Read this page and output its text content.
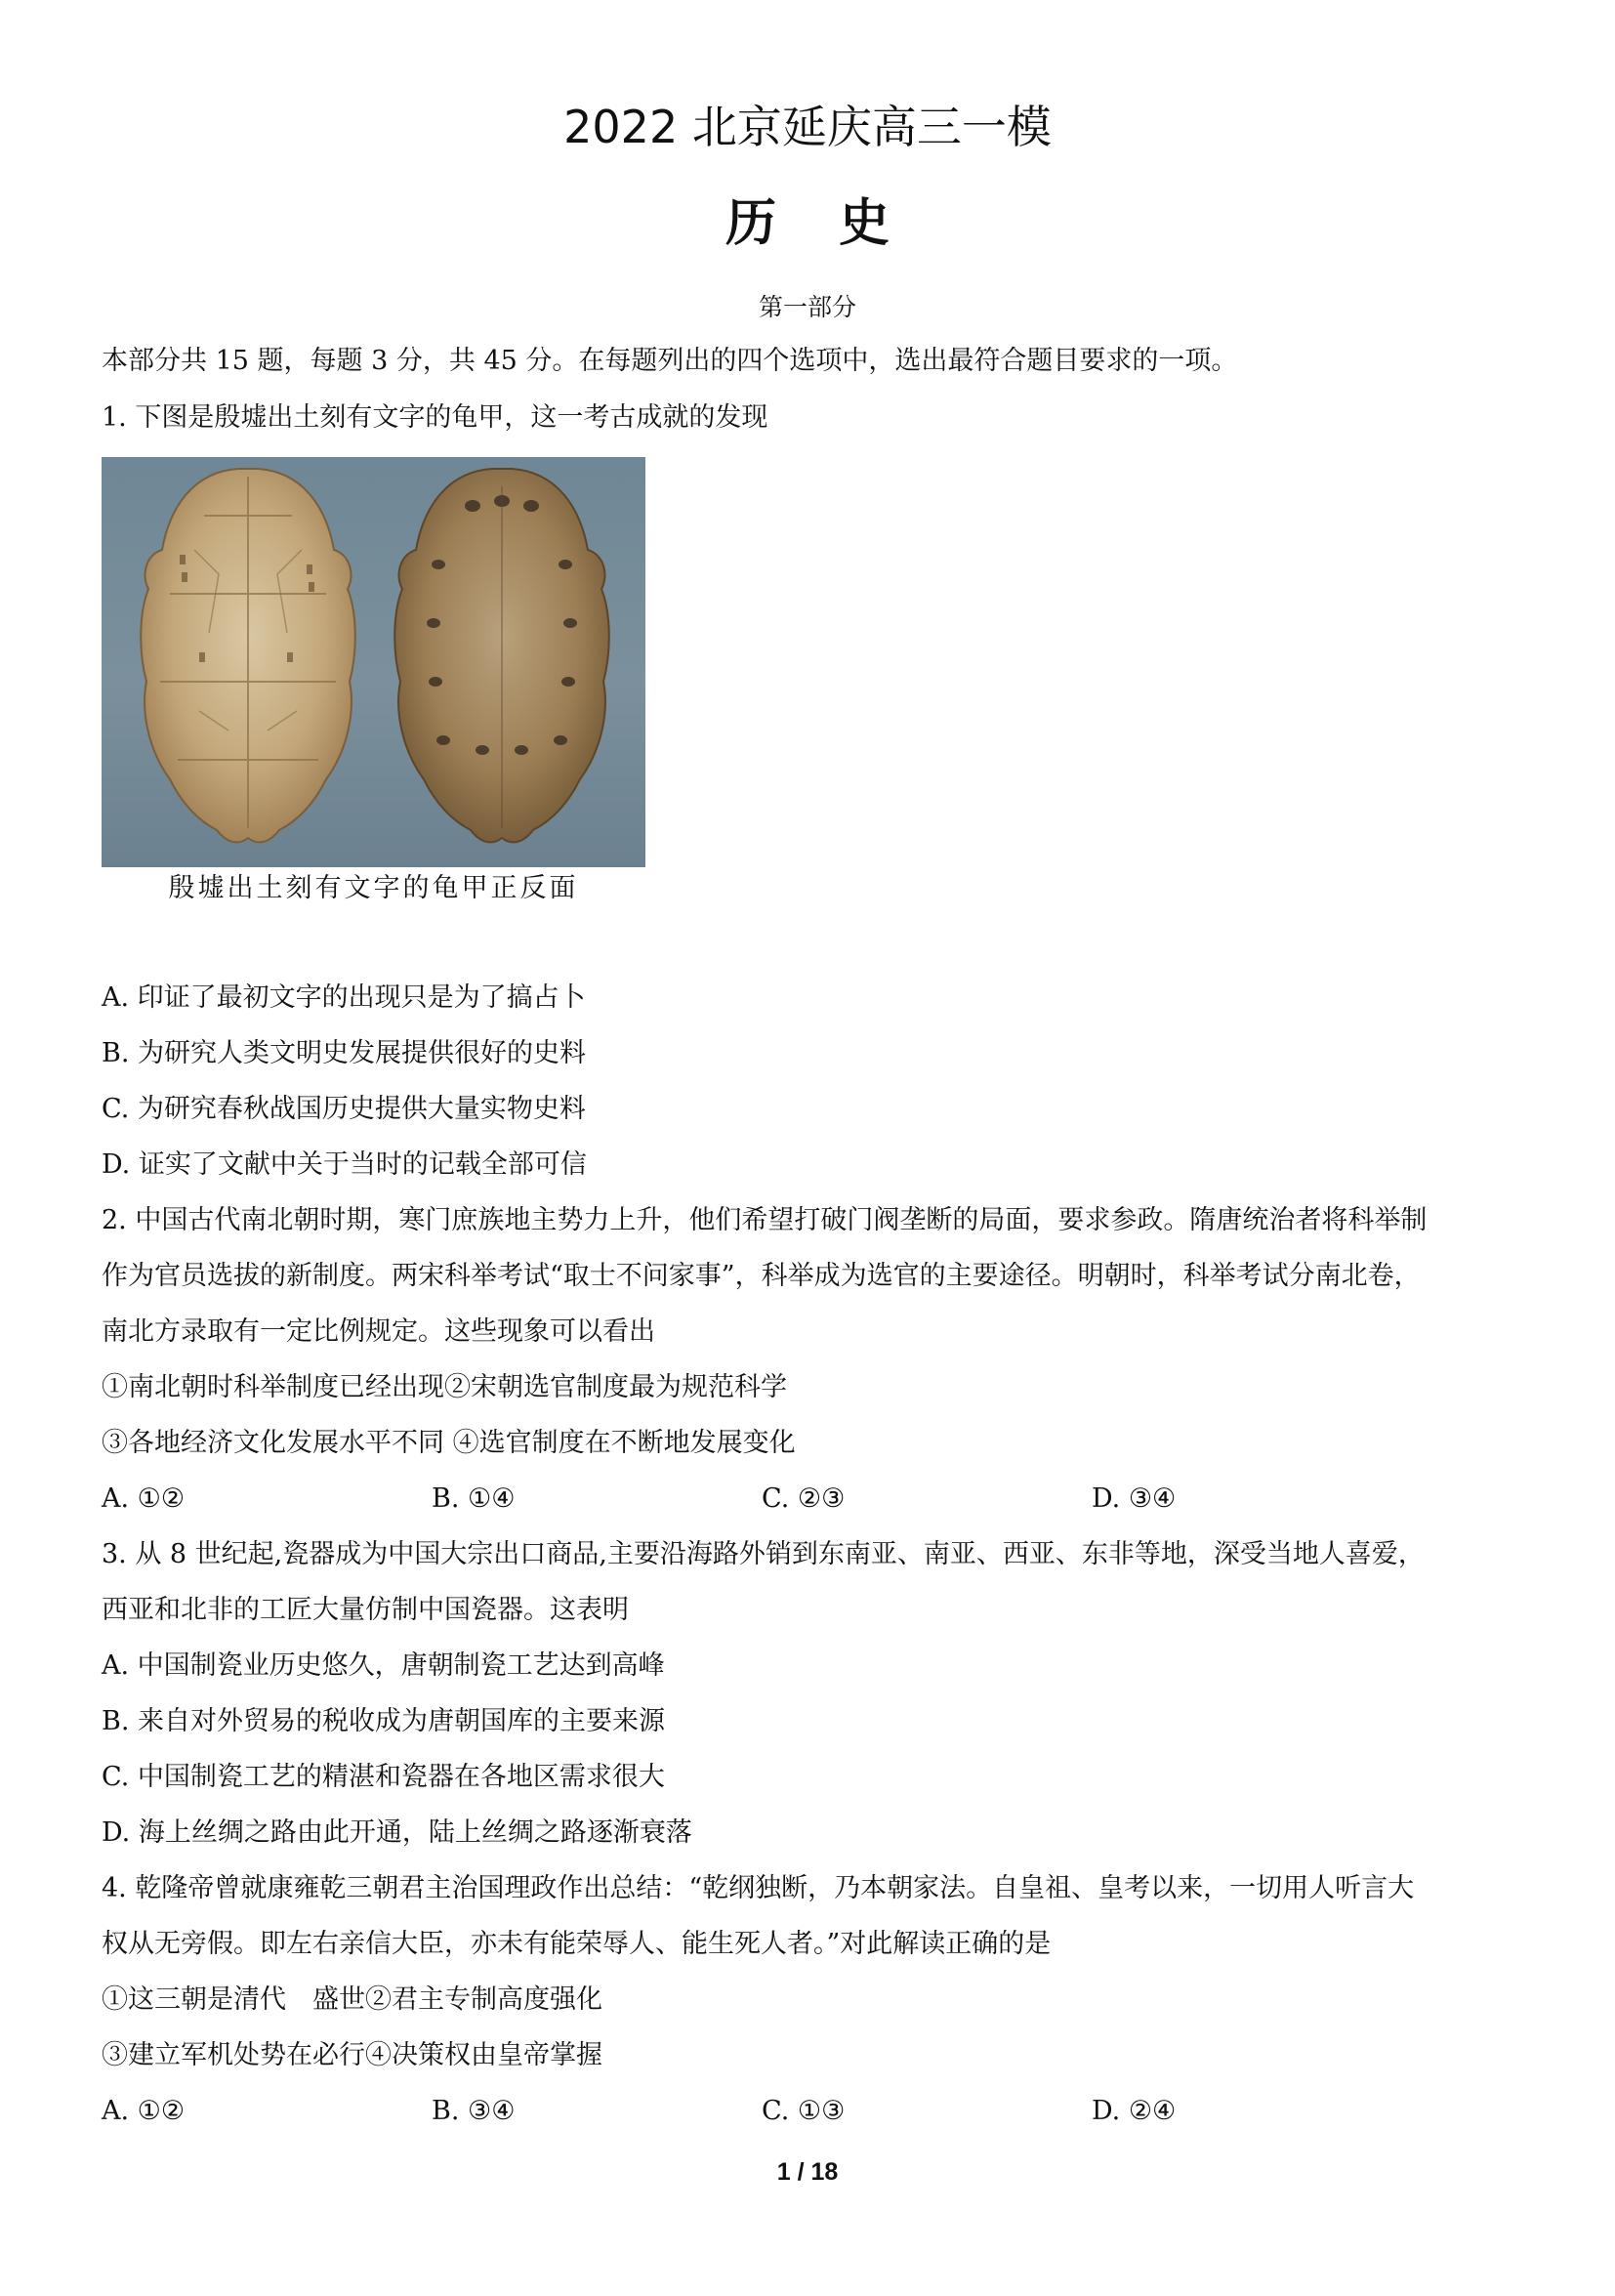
2022 北京延庆高三一模
历史
第一部分
本部分共 15 题，每题 3 分，共 45 分。在每题列出的四个选项中，选出最符合题目要求的一项。
1. 下图是殷墟出土刻有文字的龟甲，这一考古成就的发现
殷墟出土刻有文字的龟甲正反面
A. 印证了最初文字的出现只是为了搞占卜
B. 为研究人类文明史发展提供很好的史料
C. 为研究春秋战国历史提供大量实物史料
D. 证实了文献中关于当时的记载全部可信
2. 中国古代南北朝时期，寒门庶族地主势力上升，他们希望打破门阀垄断的局面，要求参政。隋唐统治者将科举制
作为官员选拔的新制度。两宋科举考试“取士不问家事”，科举成为选官的主要途径。明朝时，科举考试分南北卷，
南北方录取有一定比例规定。这些现象可以看出
①南北朝时科举制度已经出现②宋朝选官制度最为规范科学
③各地经济文化发展水平不同 ④选官制度在不断地发展变化
A. ①②	B. ①④	C. ②③	D. ③④
3. 从 8 世纪起,瓷器成为中国大宗出口商品,主要沿海路外销到东南亚、南亚、西亚、东非等地，深受当地人喜爱，
西亚和北非的工匠大量仿制中国瓷器。这表明
A. 中国制瓷业历史悠久，唐朝制瓷工艺达到高峰
B. 来自对外贸易的税收成为唐朝国库的主要来源
C. 中国制瓷工艺的精湛和瓷器在各地区需求很大
D. 海上丝绸之路由此开通，陆上丝绸之路逐渐衰落
4. 乾隆帝曾就康雍乾三朝君主治国理政作出总结：“乾纲独断，乃本朝家法。自皇祖、皇考以来，一切用人听言大
权从无旁假。即左右亲信大臣，亦未有能荣辱人、能生死人者。”对此解读正确的是
①这三朝是清代　盛世②君主专制高度强化
③建立军机处势在必行④决策权由皇帝掌握
A. ①②	B. ③④	C. ①③	D. ②④
1 / 18
